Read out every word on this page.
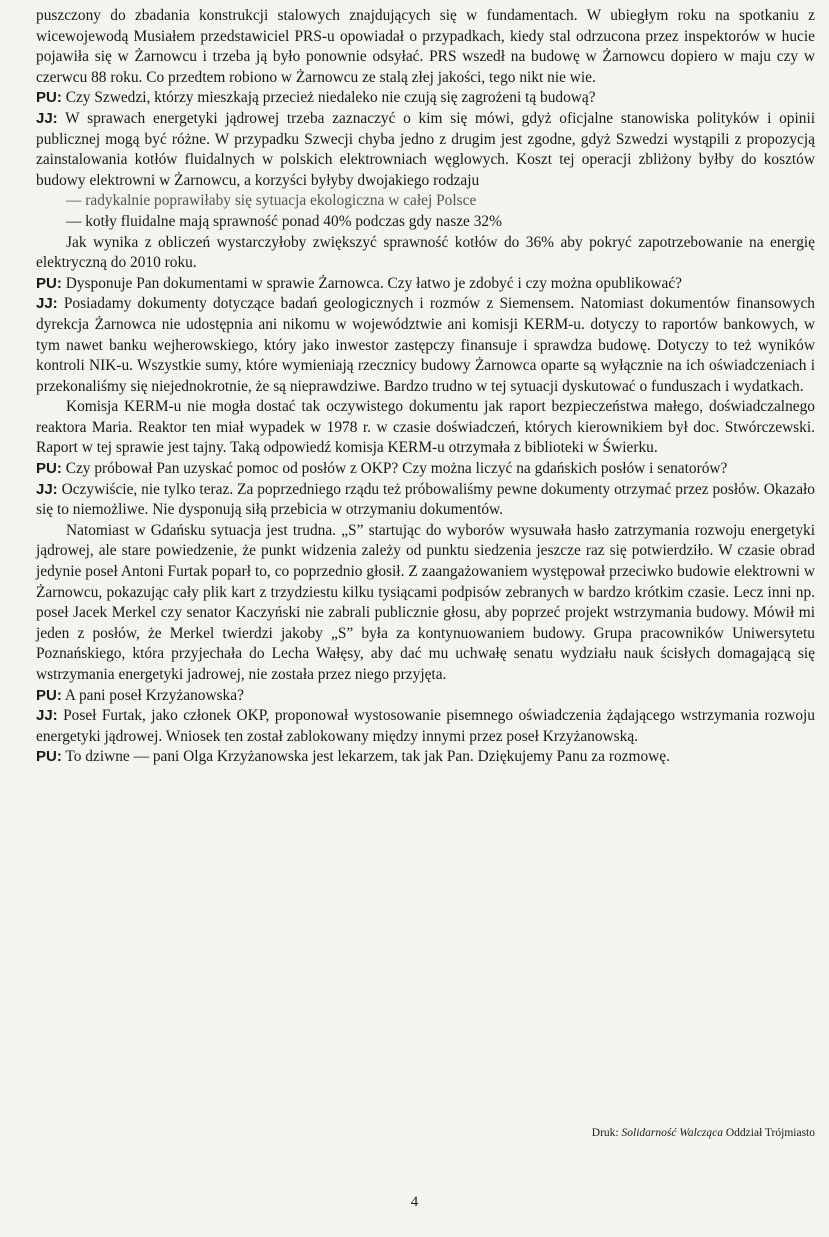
puszczony do zbadania konstrukcji stalowych znajdujących się w fundamentach. W ubiegłym roku na spotkaniu z wicewojewodą Musiałem przedstawiciel PRS-u opowiadał o przypadkach, kiedy stal odrzucona przez inspektorów w hucie pojawiła się w Żarnowcu i trzeba ją było ponownie odsyłać. PRS wszedł na budowę w Żarnowcu dopiero w maju czy w czerwcu 88 roku. Co przedtem robiono w Żarnowcu ze stalą złej jakości, tego nikt nie wie.

PU: Czy Szwedzi, którzy mieszkają przecież niedaleko nie czują się zagrożeni tą budową?

JJ: W sprawach energetyki jądrowej trzeba zaznaczyć o kim się mówi, gdyż oficjalne stanowiska polityków i opinii publicznej mogą być różne. W przypadku Szwecji chyba jedno z drugim jest zgodne, gdyż Szwedzi wystąpili z propozycją zainstalowania kotłów fluidalnych w polskich elektrowniach węglowych. Koszt tej operacji zbliżony byłby do kosztów budowy elektrowni w Żarnowcu, a korzyści byłyby dwojakiego rodzaju

— radykalnie poprawiłaby się sytuacja ekologiczna w całej Polsce

— kotły fluidalne mają sprawność ponad 40% podczas gdy nasze 32%

Jak wynika z obliczeń wystarczyłoby zwiększyć sprawność kotłów do 36% aby pokryć zapotrzebowanie na energię elektryczną do 2010 roku.

PU: Dysponuje Pan dokumentami w sprawie Żarnowca. Czy łatwo je zdobyć i czy można opublikować?

JJ: Posiadamy dokumenty dotyczące badań geologicznych i rozmów z Siemensem. Natomiast dokumentów finansowych dyrekcja Żarnowca nie udostępnia ani nikomu w województwie ani komisji KERM-u. dotyczy to raportów bankowych, w tym nawet banku wejherowskiego, który jako inwestor zastępczy finansuje i sprawdza budowę. Dotyczy to też wyników kontroli NIK-u. Wszystkie sumy, które wymieniają rzecznicy budowy Żarnowca oparte są wyłącznie na ich oświadczeniach i przekonaliśmy się niejednokrotnie, że są nieprawdziwe. Bardzo trudno w tej sytuacji dyskutować o funduszach i wydatkach.

Komisja KERM-u nie mogła dostać tak oczywistego dokumentu jak raport bezpieczeństwa małego, doświadczalnego reaktora Maria. Reaktor ten miał wypadek w 1978 r. w czasie doświadczeń, których kierownikiem był doc. Stwórczewski. Raport w tej sprawie jest tajny. Taką odpowiedź komisja KERM-u otrzymała z biblioteki w Świerku.

PU: Czy próbował Pan uzyskać pomoc od posłów z OKP? Czy można liczyć na gdańskich posłów i senatorów?

JJ: Oczywiście, nie tylko teraz. Za poprzedniego rządu też próbowaliśmy pewne dokumenty otrzymać przez posłów. Okazało się to niemożliwe. Nie dysponują siłą przebicia w otrzymaniu dokumentów.

Natomiast w Gdańsku sytuacja jest trudna. „S” startując do wyborów wysuwała hasło zatrzymania rozwoju energetyki jądrowej, ale stare powiedzenie, że punkt widzenia zależy od punktu siedzenia jeszcze raz się potwierdziło. W czasie obrad jedynie poseł Antoni Furtak poparł to, co poprzednio głosił. Z zaangażowaniem występował przeciwko budowie elektrowni w Żarnowcu, pokazując cały plik kart z trzydziestu kilku tysiącami podpisów zebranych w bardzo krótkim czasie. Lecz inni np. poseł Jacek Merkel czy senator Kaczyński nie zabrali publicznie głosu, aby poprzeć projekt wstrzymania budowy. Mówił mi jeden z posłów, że Merkel twierdzi jakoby „S” była za kontynuowaniem budowy. Grupa pracowników Uniwersytetu Poznańskiego, która przyjechała do Lecha Wałęsy, aby dać mu uchwałę senatu wydziału nauk ścisłych domagającą się wstrzymania energetyki jadrowej, nie została przez niego przyjęta.

PU: A pani poseł Krzyżanowska?

JJ: Poseł Furtak, jako członek OKP, proponował wystosowanie pisemnego oświadczenia żądającego wstrzymania rozwoju energetyki jądrowej. Wniosek ten został zablokowany między innymi przez poseł Krzyżanowską.

PU: To dziwne — pani Olga Krzyżanowska jest lekarzem, tak jak Pan. Dziękujemy Panu za rozmowę.

Druk: Solidarność Walcząca Oddział Trójmiasto
4
